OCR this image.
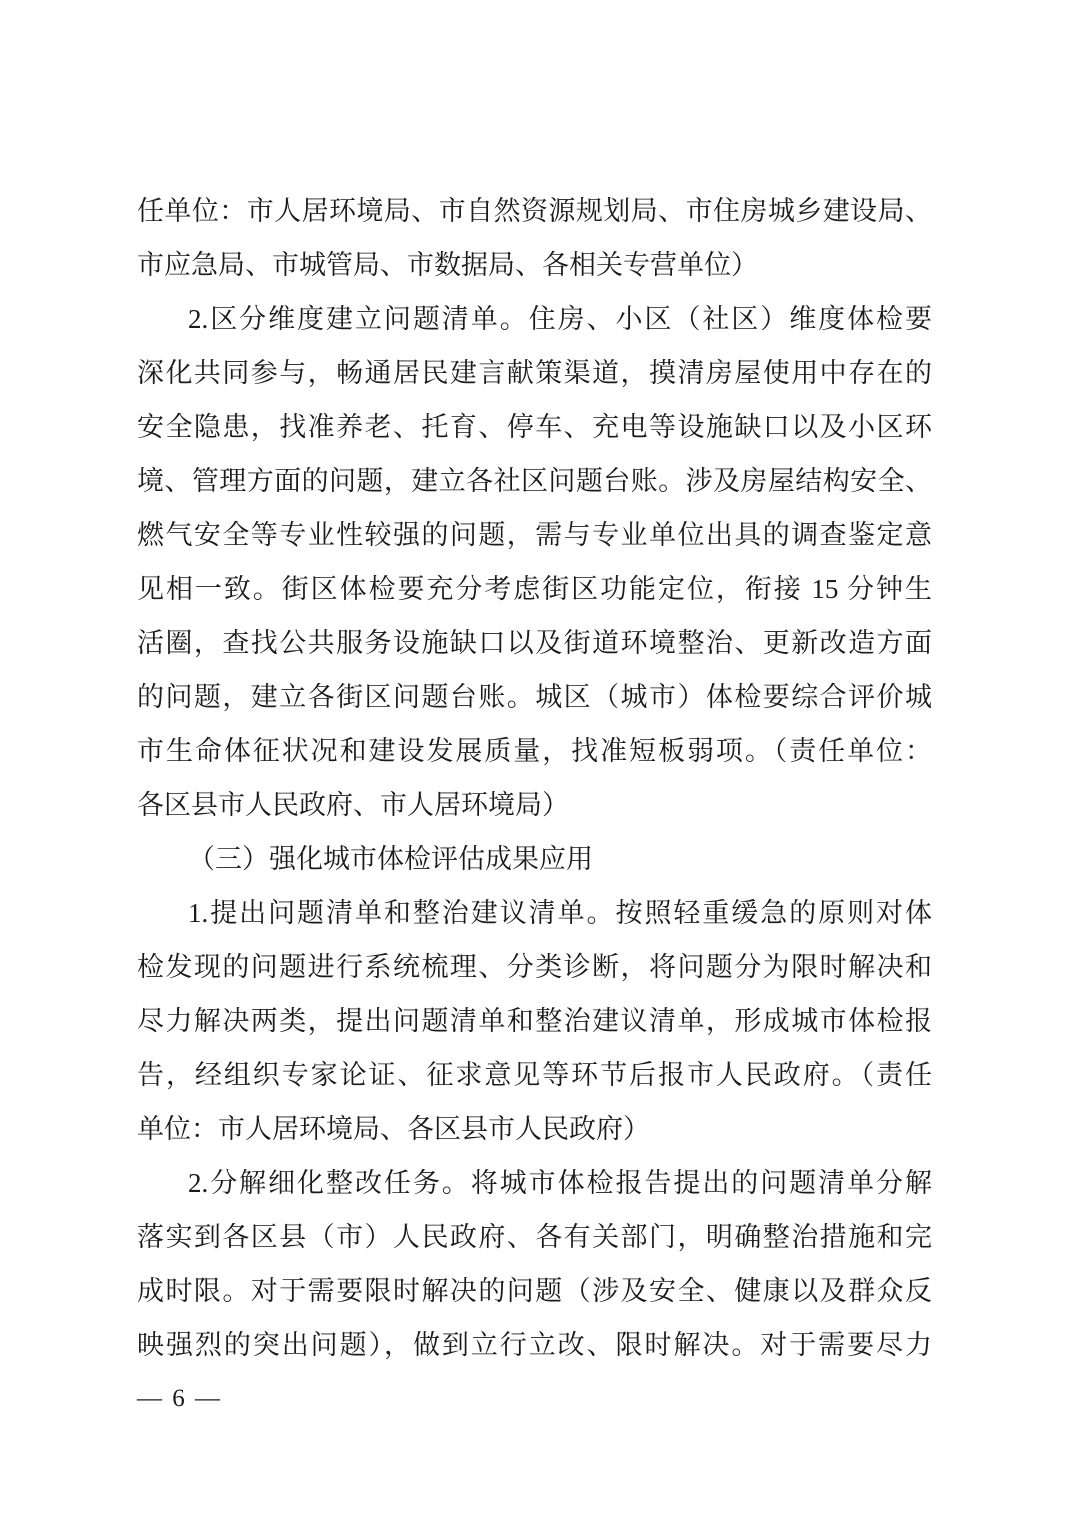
任单位：市人居环境局、市自然资源规划局、市住房城乡建设局、
市应急局、市城管局、市数据局、各相关专营单位）
2.区分维度建立问题清单。住房、小区（社区）维度体检要
深化共同参与，畅通居民建言献策渠道，摸清房屋使用中存在的
安全隐患，找准养老、托育、停车、充电等设施缺口以及小区环
境、管理方面的问题，建立各社区问题台账。涉及房屋结构安全、
燃气安全等专业性较强的问题，需与专业单位出具的调查鉴定意
见相一致。街区体检要充分考虑街区功能定位，衔接 15 分钟生
活圈，查找公共服务设施缺口以及街道环境整治、更新改造方面
的问题，建立各街区问题台账。城区（城市）体检要综合评价城
市生命体征状况和建设发展质量，找准短板弱项。（责任单位：
各区县市人民政府、市人居环境局）
（三）强化城市体检评估成果应用
1.提出问题清单和整治建议清单。按照轻重缓急的原则对体
检发现的问题进行系统梳理、分类诊断，将问题分为限时解决和
尽力解决两类，提出问题清单和整治建议清单，形成城市体检报
告，经组织专家论证、征求意见等环节后报市人民政府。（责任
单位：市人居环境局、各区县市人民政府）
2.分解细化整改任务。将城市体检报告提出的问题清单分解
落实到各区县（市）人民政府、各有关部门，明确整治措施和完
成时限。对于需要限时解决的问题（涉及安全、健康以及群众反
映强烈的突出问题），做到立行立改、限时解决。对于需要尽力
— 6 —
